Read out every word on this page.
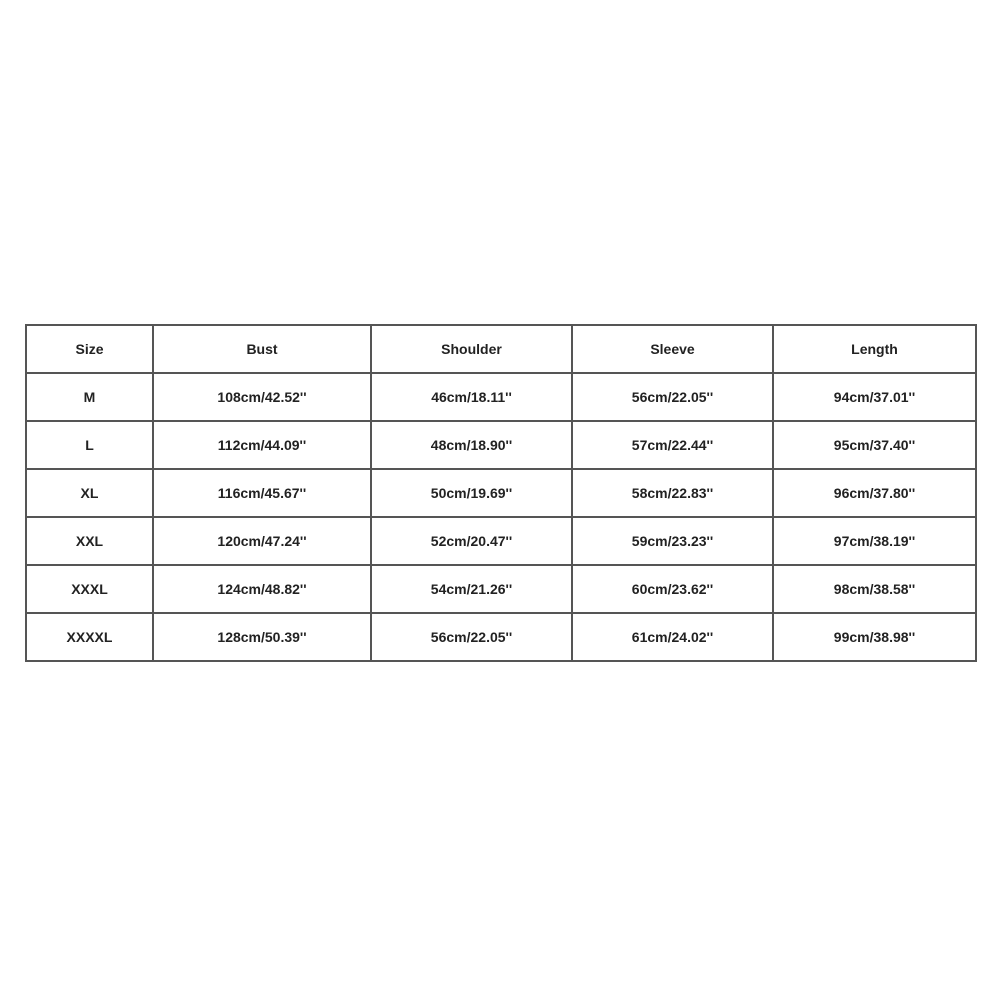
Size	Bust	Shoulder	Sleeve	Length
M	108cm/42.52''	46cm/18.11''	56cm/22.05''	94cm/37.01''
L	112cm/44.09''	48cm/18.90''	57cm/22.44''	95cm/37.40''
XL	116cm/45.67''	50cm/19.69''	58cm/22.83''	96cm/37.80''
XXL	120cm/47.24''	52cm/20.47''	59cm/23.23''	97cm/38.19''
XXXL	124cm/48.82''	54cm/21.26''	60cm/23.62''	98cm/38.58''
XXXXL	128cm/50.39''	56cm/22.05''	61cm/24.02''	99cm/38.98''
